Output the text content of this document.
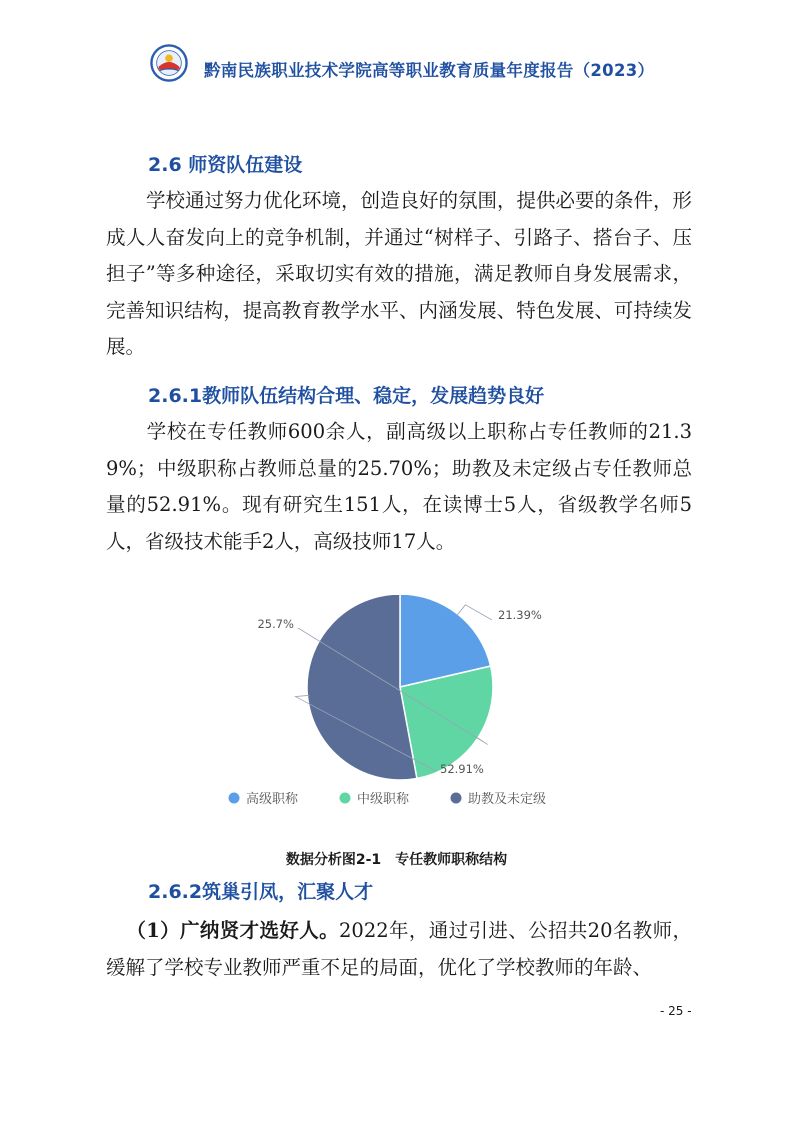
黔南民族职业技术学院高等职业教育质量年度报告（2023）
2.6 师资队伍建设
学校通过努力优化环境，创造良好的氛围，提供必要的条件，形成人人奋发向上的竞争机制，并通过“树样子、引路子、搭台子、压担子”等多种途径，采取切实有效的措施，满足教师自身发展需求，完善知识结构，提高教育教学水平、内涵发展、特色发展、可持续发展。
2.6.1教师队伍结构合理、稳定，发展趋势良好
学校在专任教师600余人，副高级以上职称占专任教师的21.39%；中级职称占教师总量的25.70%；助教及未定级占专任教师总量的52.91%。现有研究生151人，在读博士5人，省级教学名师5人，省级技术能手2人，高级技师17人。
21.39%
25.7%
52.91%
高级职称	中级职称	助教及未定级
数据分析图2-1 专任教师职称结构
2.6.2筑巢引凤，汇聚人才
（1）广纳贤才选好人。2022年，通过引进、公招共20名教师，缓解了学校专业教师严重不足的局面，优化了学校教师的年龄、
- 25 -
